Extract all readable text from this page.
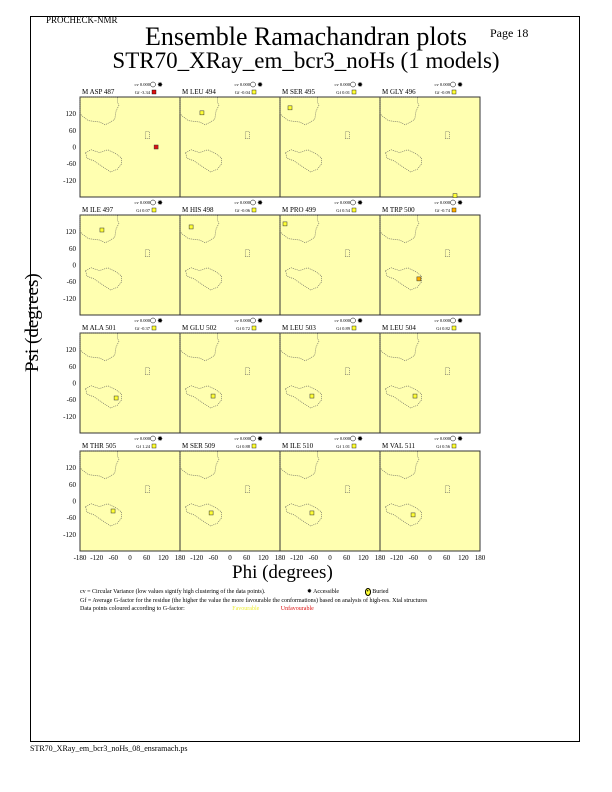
PROCHECK-NMR
Page 18
Ensemble Ramachandran plots
STR70_XRay_em_bcr3_noHs (1 models)
M ASP 487
cv 0.000 ✸
Gf -3.34
120
60
0
-60
-120
M LEU 494
cv 0.000 ✹
Gf -0.04	M SER 495
cv 0.000 ✹
Gf 0.01	M GLY 496
cv 0.000 ✹
Gf -0.09
M ILE 497
cv 0.000 ✸
Gf 0.07
120
60
0
-60
-120
M HIS 498
cv 0.000 ✸
Gf -0.06	M PRO 499
cv 0.000 ✸
Gf 0.54	M TRP 500
cv 0.000 ✸
Gf -0.74
M ALA 501
cv 0.000 ✸
Gf -0.37
120
60
0
-60
-120
M GLU 502
cv 0.000 ✸
Gf 0.72	M LEU 503
cv 0.000 ✹
Gf 0.89	M LEU 504
cv 0.000 ✹
Gf 0.82
M THR 505
cv 0.000 ✸
Gf 1.24
120
60
0
-60
-120
-180 -120 -60 0 60 120 180
M SER 509
cv 0.000 ✸
Gf 0.88
-120 -60 0 60 120 180
M ILE 510
cv 0.000 ✸
Gf 1.01
-120 -60 0 60 120 180
M VAL 511
cv 0.000 ✸
Gf 0.56
-120 -60 0 60 120 180
Psi (degrees)
Phi (degrees)
cv = Circular Variance (low values signify high clustering of the data points).	✸ Accessible	• Buried
Gf = Average G-factor for the residue (the higher the value the more favourable the conformations) based on analysis of high-res. Xtal structures
Data points coloured according to G-factor:	Favourable	Unfavourable
STR70_XRay_em_bcr3_noHs_08_ensramach.ps
